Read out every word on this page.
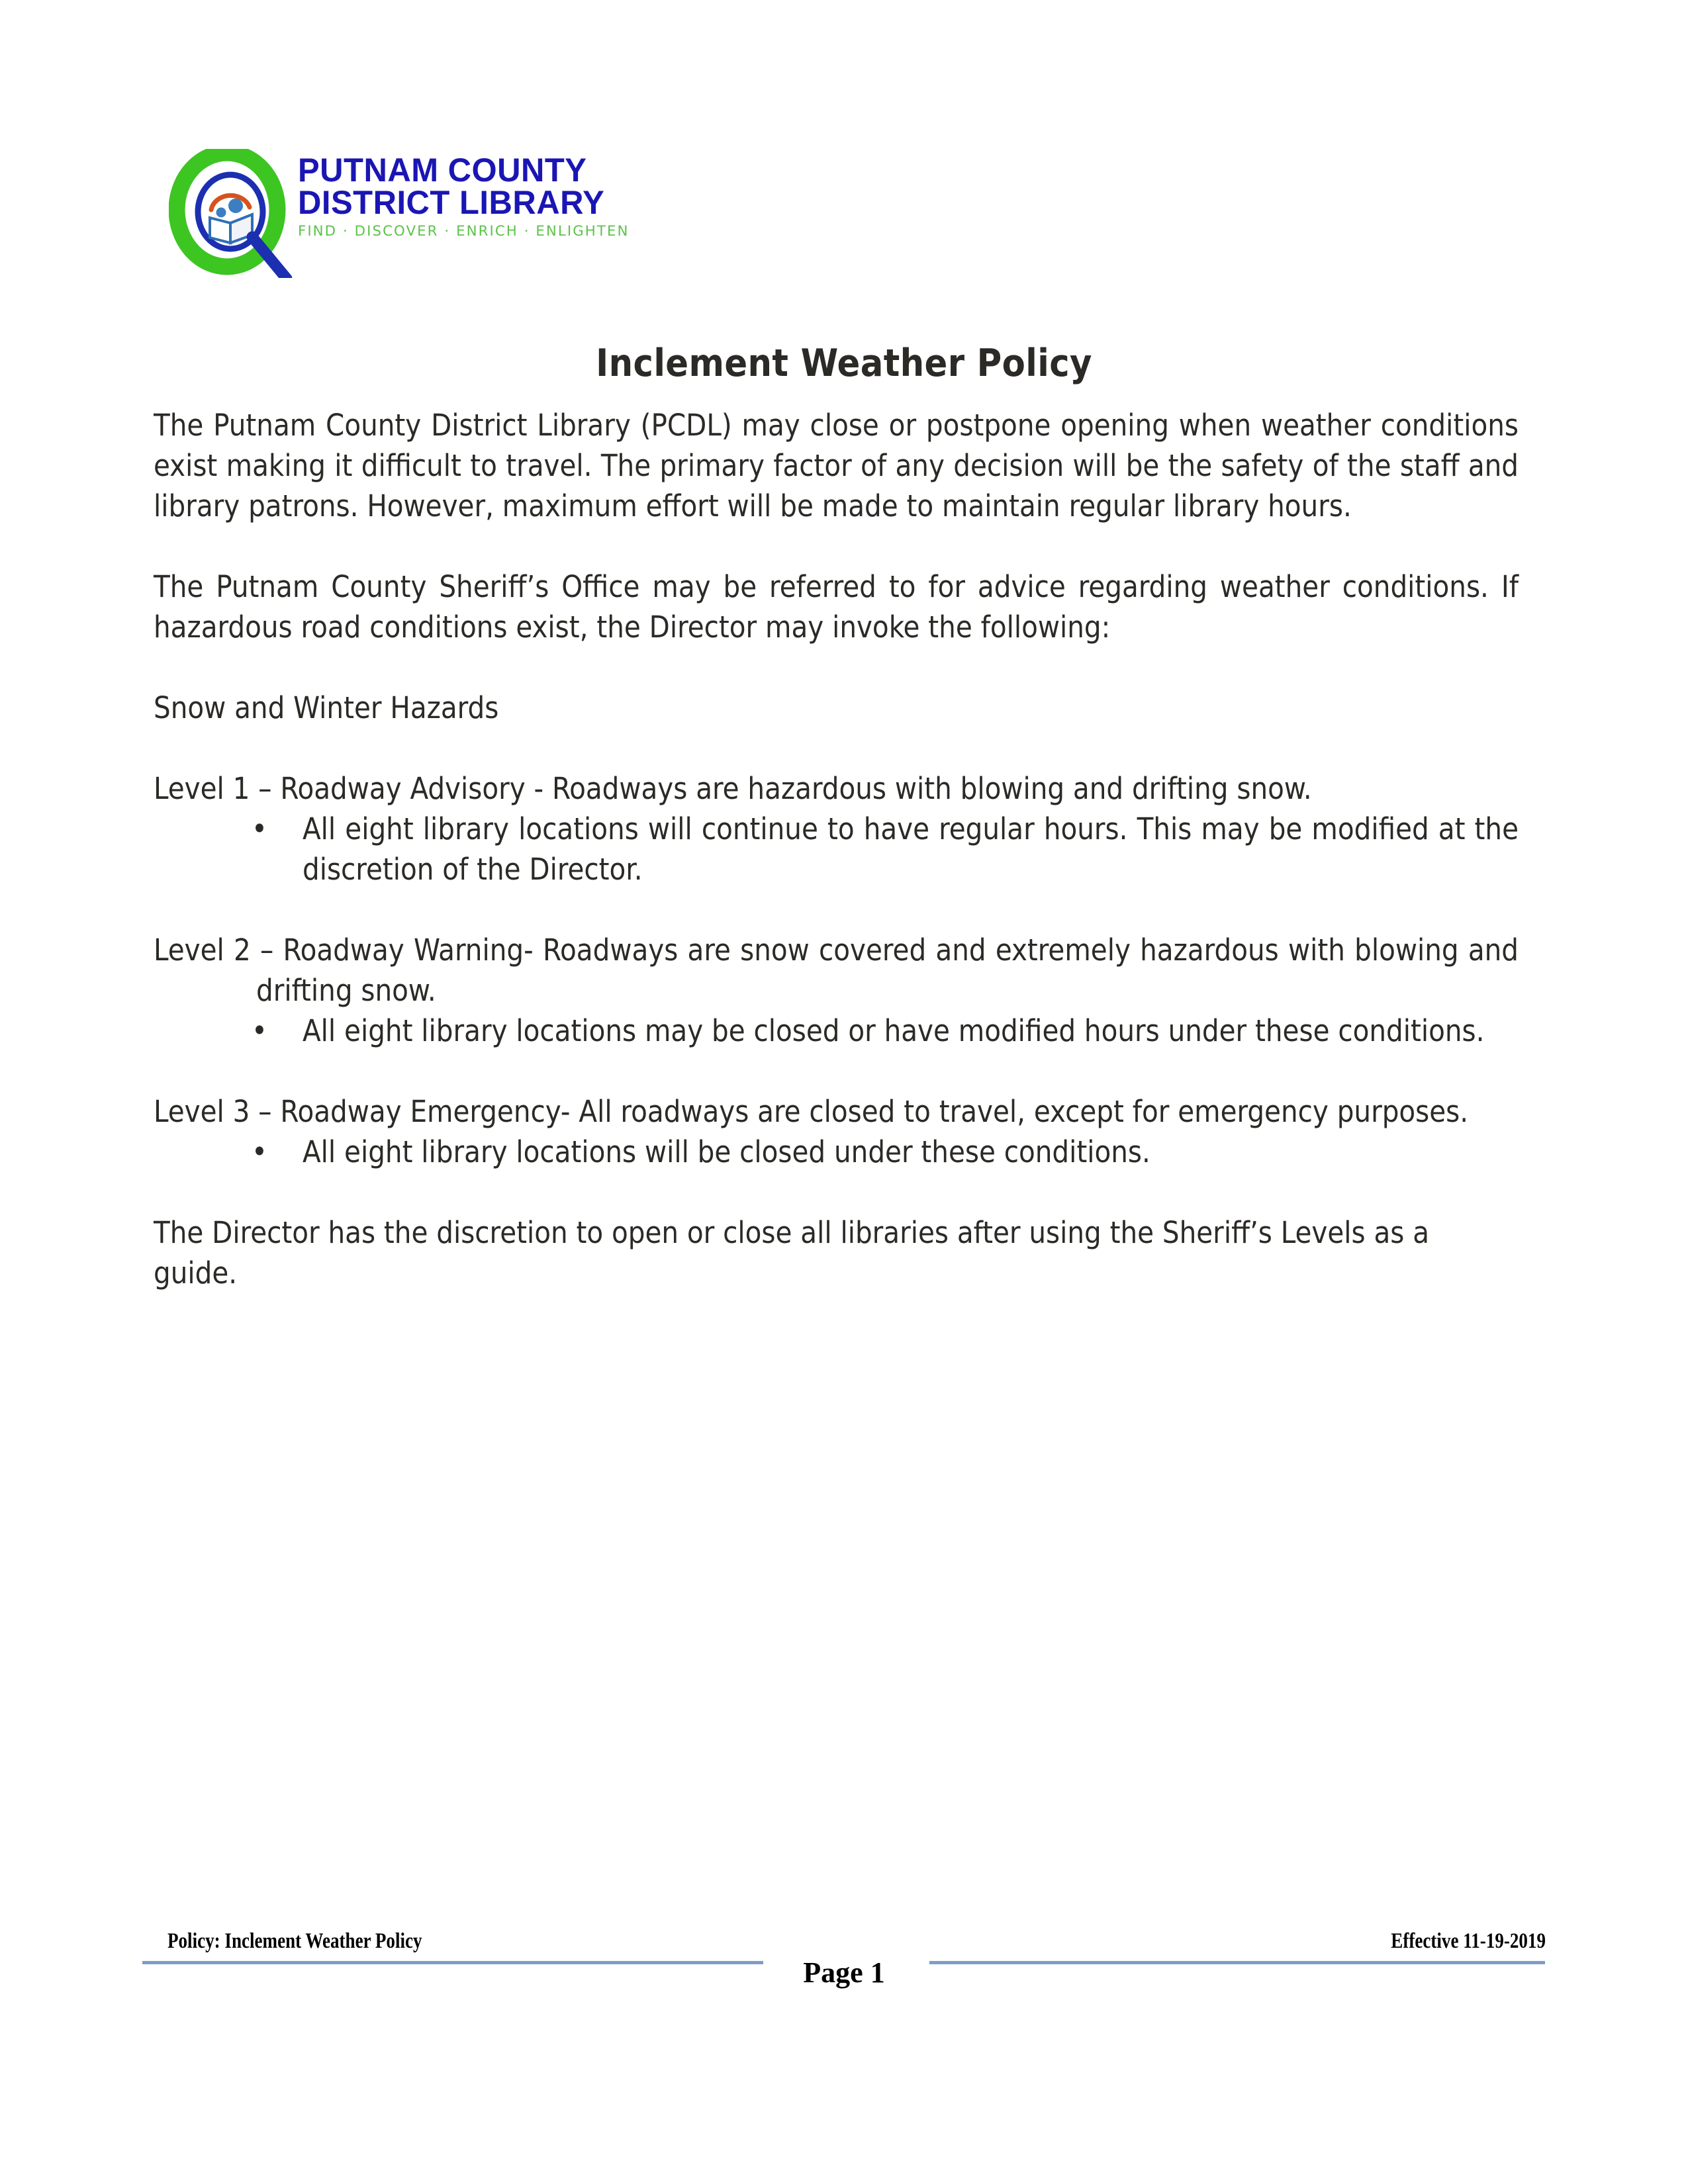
PUTNAM COUNTY
DISTRICT LIBRARY
FIND · DISCOVER · ENRICH · ENLIGHTEN
Inclement Weather Policy

The Putnam County District Library (PCDL) may close or postpone opening when weather conditions exist making it difficult to travel. The primary factor of any decision will be the safety of the staff and library patrons. However, maximum effort will be made to maintain regular library hours.

The Putnam County Sheriff’s Office may be referred to for advice regarding weather conditions. If hazardous road conditions exist, the Director may invoke the following:

Snow and Winter Hazards

Level 1 – Roadway Advisory - Roadways are hazardous with blowing and drifting snow.

• All eight library locations will continue to have regular hours. This may be modified at the discretion of the Director.

Level 2 – Roadway Warning- Roadways are snow covered and extremely hazardous with blowing and drifting snow.

• All eight library locations may be closed or have modified hours under these conditions.

Level 3 – Roadway Emergency- All roadways are closed to travel, except for emergency purposes.

• All eight library locations will be closed under these conditions.

The Director has the discretion to open or close all libraries after using the Sheriff’s Levels as a guide.

Policy: Inclement Weather Policy	Effective 11-19-2019
Page 1
